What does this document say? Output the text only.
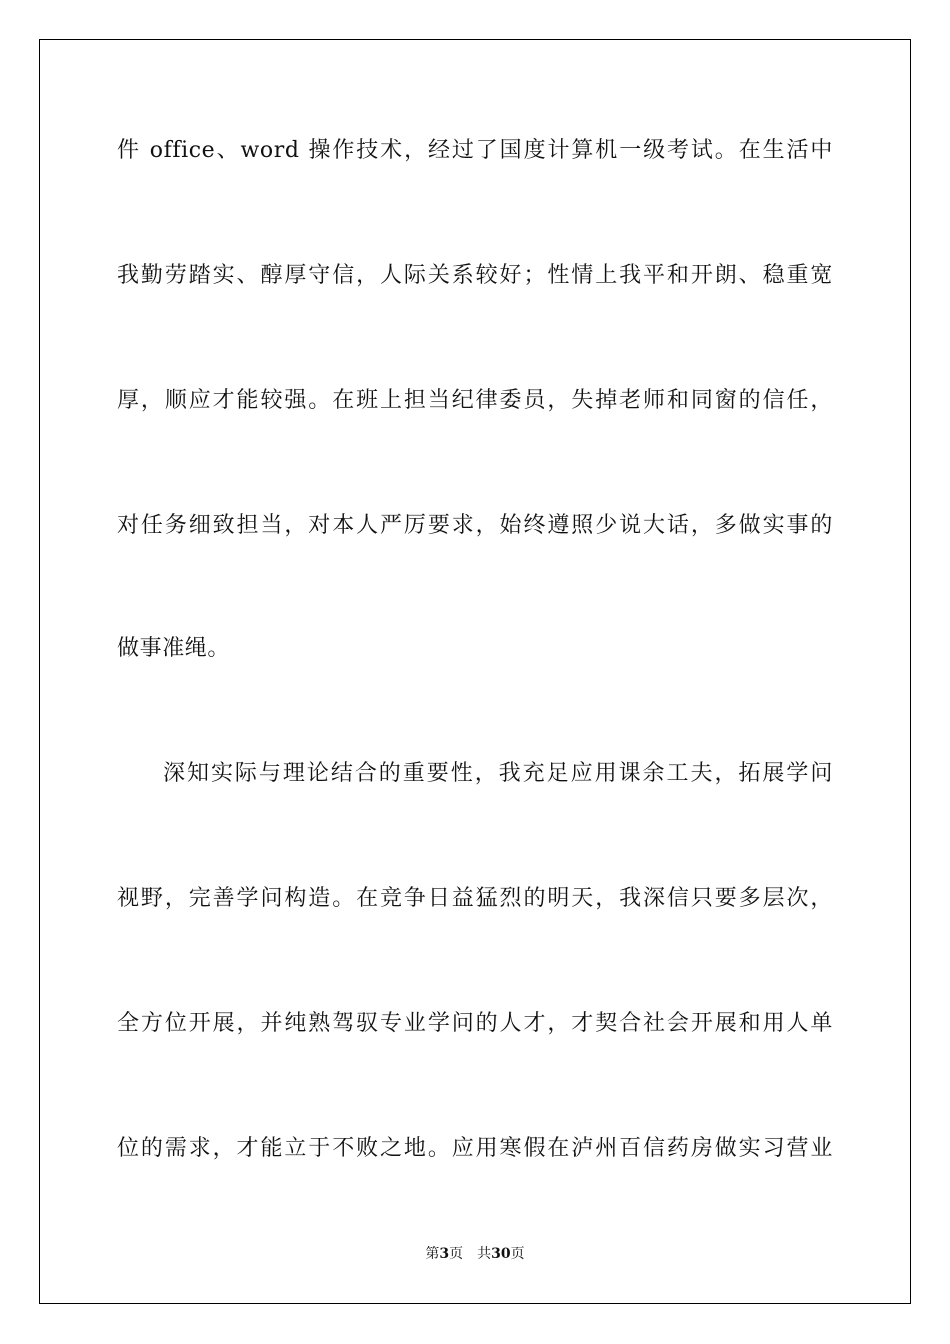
件 office、word 操作技术，经过了国度计算机一级考试。在生活中
我勤劳踏实、醇厚守信，人际关系较好；性情上我平和开朗、稳重宽
厚，顺应才能较强。在班上担当纪律委员，失掉老师和同窗的信任，
对任务细致担当，对本人严厉要求，始终遵照少说大话，多做实事的
做事准绳。
深知实际与理论结合的重要性，我充足应用课余工夫，拓展学问
视野，完善学问构造。在竞争日益猛烈的明天，我深信只要多层次，
全方位开展，并纯熟驾驭专业学问的人才，才契合社会开展和用人单
位的需求，才能立于不败之地。应用寒假在泸州百信药房做实习营业
第3页 共30页
